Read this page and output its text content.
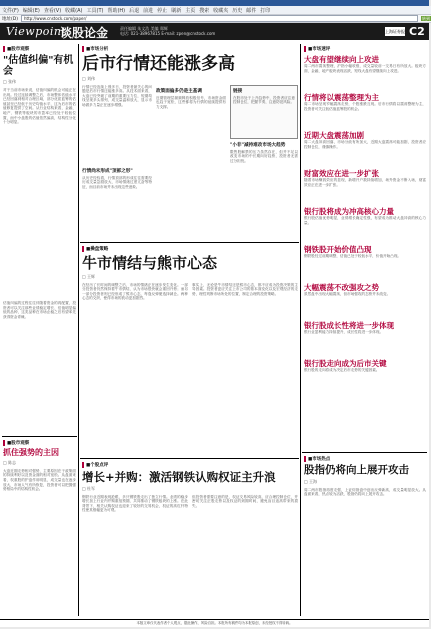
文件(F) 编辑(E) 查看(V) 收藏(A) 工具(T) 帮助(H) 后退 前进 停止 刷新 主页 搜索 收藏夹 历史 邮件 打印
地址(D)	http://www.cnstock.com/paper/	转到
Viewpoint
谈股论金	责任编辑 朱文浩 美编 郑辉
电话: 021-38967815 E-mail: zpen@cnstock.com	上海证券报 C2
■股市观察
"估值纠偏"有机会
□ 张伟
对于当前市场来说，估值纠偏的机会可能正在出现。经过连续调整之后，市场整体估值水平已经回落到相对合理区域，部分优质蓝筹的估值甚至已经低于历史均值水平，这为后市的估值修复提供了空间。从行业结构来看，金融、地产、钢铁等板块的市盈率已经处于较低位置，而中小盘股的估值依然偏高，结构性分化十分明显。
估值纠偏的过程往往伴随着资金的再配置，投资者可以关注那些业绩稳定增长、估值明显偏低的品种，这类品种在市场企稳之后有望率先获得资金青睐。
■股市观察
抓住强势的主因
□ 陈志
大盘近期走势相对强势，主要原因在于政策面的持续利好以及资金面的相对宽松。从盘面来看，权重股的护盘作用明显，成交量也在逐步放大，市场人气有所恢复，投资者可以把握强势格局中的结构性机会。
■市场分析
后市行情还能涨多高
□ 刘伟
行情已经连续上涨多日，投资者最关心的问题是后市行情还能涨多高。从技术面来看，大盘已经突破了前期的重要压力位，短期均线呈现多头排列，成交量温和放大，显示市场做多力量正在逐步增强。
行情尚未形成"顶部之形"
从历史经验看，行情顶部的形成往往需要经历成交量急剧放大、市场情绪过度亢奋等特征，而目前市场并未出现这些迹象。
政策面偏多仍是主基调
近期管理层频频释放积极信号，市场资金面也趋于宽松，这些都将为行情的延续提供有力支撑。
链接
在股市处于上升趋势中，投资者应注意控制仓位，把握节奏，注意防范风险。
"小非"减持难改市场大趋势
限售股解禁的压力虽然存在，但并不足以改变市场的中长期向好趋势，投资者无需过分担忧。
■操盘策略
牛市情结与熊市心态
□ 王辉
在经历了长时间的调整之后，市场的情绪正在逐步发生变化。一部分投资者仍然保持着牛市情结，认为市场很快就会重回升势；而另一部分投资者则已经形成了熊市心态，每逢反弹便选择减仓。两种心态的交织，使得市场的波动更加剧烈。
事实上，无论是牛市情结还是熊市心态，都不应成为投资决策的主导因素。投资者更应关注上市公司的基本面变化以及宏观经济的走势，理性判断市场所处的位置，制定合理的投资策略。
■个股点评
增长+并购：激活钢铁认购权证主升浪
□ 杜军
钢铁行业近期表现抢眼，多只钢铁股走出了独立行情。业绩的稳步增长加上行业内并购重组预期，共同推动了钢铁板块的上涨。在此背景下，相关认购权证也迎来了较好的交易机会，权证的高杠杆特性使其涨幅更为可观。
但投资者需要注意的是，权证交易风险较高，应合理控制仓位，并密切关注正股走势以及权证的到期时间，避免盲目追高带来的损失。
■市场速评
大盘有望继续向上攻进
周二两市震荡整理，沪指小幅收涨，成交量较前一交易日有所放大。板块方面，金融、地产板块表现活跃，短线大盘有望继续向上攻进。
行情将以震荡整理为主
周二市场呈现窄幅震荡走势，个股涨跌互现。后市行情将以震荡整理为主，投资者可关注低估值蓝筹股的机会。
近期大盘震荡加剧
周二大盘冲高回落，市场分歧有所加大，近期大盘震荡可能加剧，投资者应控制仓位，谨慎操作。
财富效应在进一步扩张
随着市场赚钱效应的显现，新增开户数持续增加，场外资金不断入场，财富效应正在进一步扩张。
银行股将成为冲高核心力量
银行股估值优势明显，业绩增长确定性强，有望成为推动大盘冲高的核心力量。
钢铁股开始价值凸现
钢铁股经过前期调整，估值已处于较低水平，价值开始凸现。
大幅震荡不改强攻之势
虽然盘中出现大幅震荡，但市场强攻的态势并未改变。
银行股成长性将进一步体现
银行业盈利能力持续提升，成长性将进一步体现。
银行股走向成为后市关键
银行股的走向将成为决定后市走势的关键因素。
■市场热点
股指仍将向上展开攻击
□ 王海
周二两市股指再度走强，上证综指盘中创出反弹新高，成交量明显放大。从盘面来看，热点较为活跃，股指仍将向上展开攻击。
本版文章仅代表作者个人观点，据此操作，风险自担。本报所有稿件均为本报原创，未经授权不得转载。
